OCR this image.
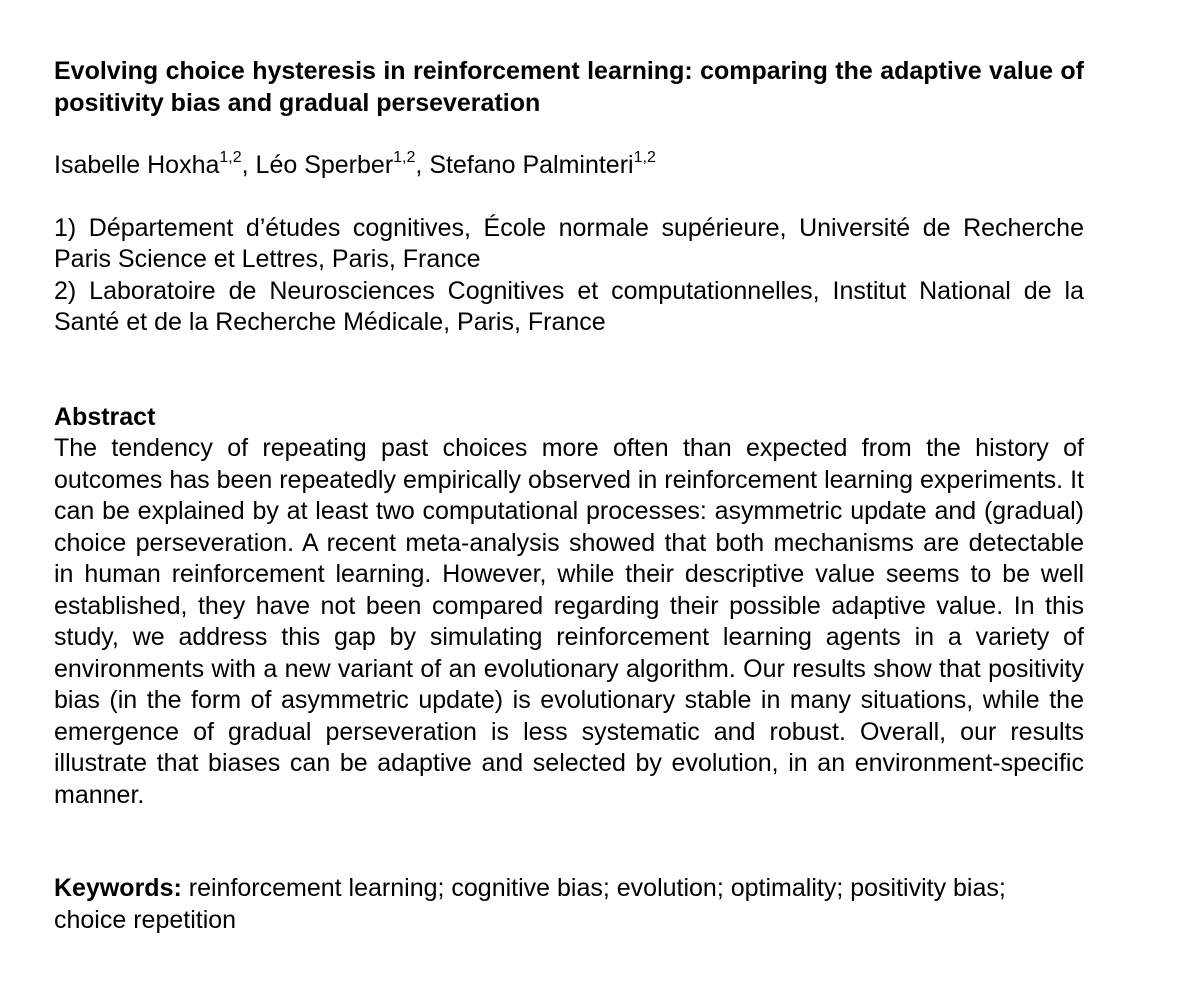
Evolving choice hysteresis in reinforcement learning: comparing the adaptive value of positivity bias and gradual perseveration

Isabelle Hoxha$^{1,2}$, Léo Sperber$^{1,2}$, Stefano Palminteri$^{1,2}$

1) Département d’études cognitives, École normale supérieure, Université de Recherche Paris Science et Lettres, Paris, France

2) Laboratoire de Neurosciences Cognitives et computationnelles, Institut National de la Santé et de la Recherche Médicale, Paris, France

Abstract

The tendency of repeating past choices more often than expected from the history of outcomes has been repeatedly empirically observed in reinforcement learning experiments. It can be explained by at least two computational processes: asymmetric update and (gradual) choice perseveration. A recent meta-analysis showed that both mechanisms are detectable in human reinforcement learning. However, while their descriptive value seems to be well established, they have not been compared regarding their possible adaptive value. In this study, we address this gap by simulating reinforcement learning agents in a variety of environments with a new variant of an evolutionary algorithm. Our results show that positivity bias (in the form of asymmetric update) is evolutionary stable in many situations, while the emergence of gradual perseveration is less systematic and robust. Overall, our results illustrate that biases can be adaptive and selected by evolution, in an environment-specific manner.

Keywords: reinforcement learning; cognitive bias; evolution; optimality; positivity bias; choice repetition
